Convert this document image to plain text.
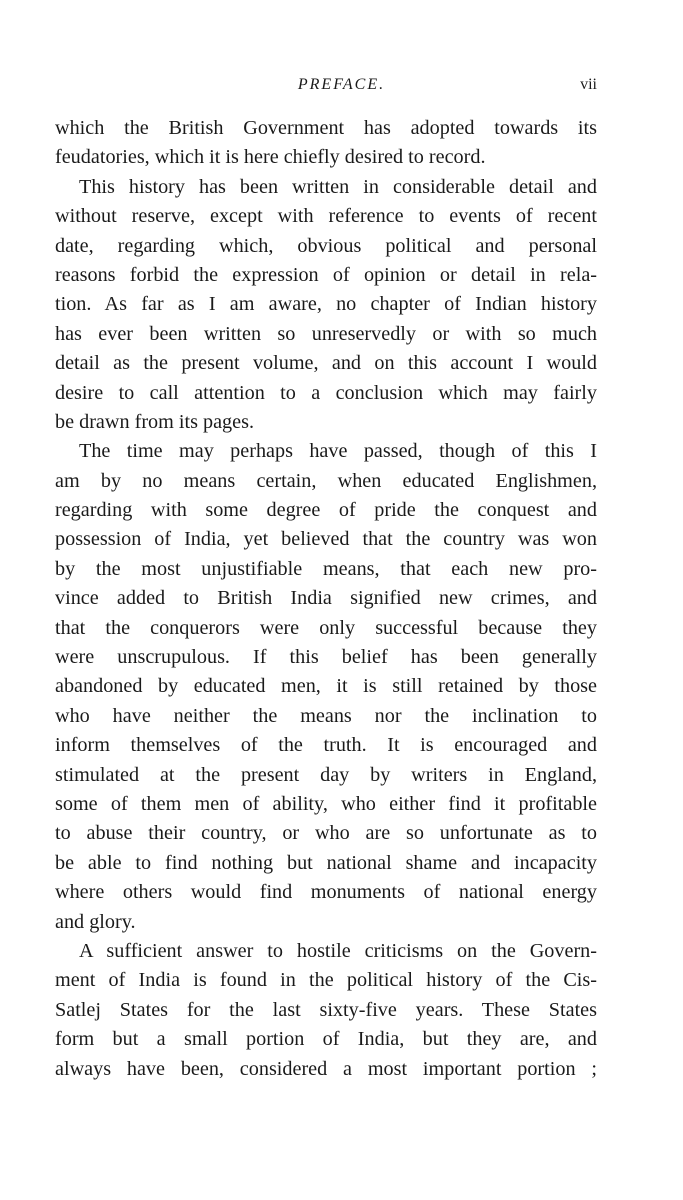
PREFACE.	vii
which the British Government has adopted towards its
feudatories, which it is here chiefly desired to record.
This history has been written in considerable detail and
without reserve, except with reference to events of recent
date, regarding which, obvious political and personal
reasons forbid the expression of opinion or detail in rela-
tion. As far as I am aware, no chapter of Indian history
has ever been written so unreservedly or with so much
detail as the present volume, and on this account I would
desire to call attention to a conclusion which may fairly
be drawn from its pages.
The time may perhaps have passed, though of this I
am by no means certain, when educated Englishmen,
regarding with some degree of pride the conquest and
possession of India, yet believed that the country was won
by the most unjustifiable means, that each new pro-
vince added to British India signified new crimes, and
that the conquerors were only successful because they
were unscrupulous. If this belief has been generally
abandoned by educated men, it is still retained by those
who have neither the means nor the inclination to
inform themselves of the truth. It is encouraged and
stimulated at the present day by writers in England,
some of them men of ability, who either find it profitable
to abuse their country, or who are so unfortunate as to
be able to find nothing but national shame and incapacity
where others would find monuments of national energy
and glory.
A sufficient answer to hostile criticisms on the Govern-
ment of India is found in the political history of the Cis-
Satlej States for the last sixty-five years. These States
form but a small portion of India, but they are, and
always have been, considered a most important portion ;
